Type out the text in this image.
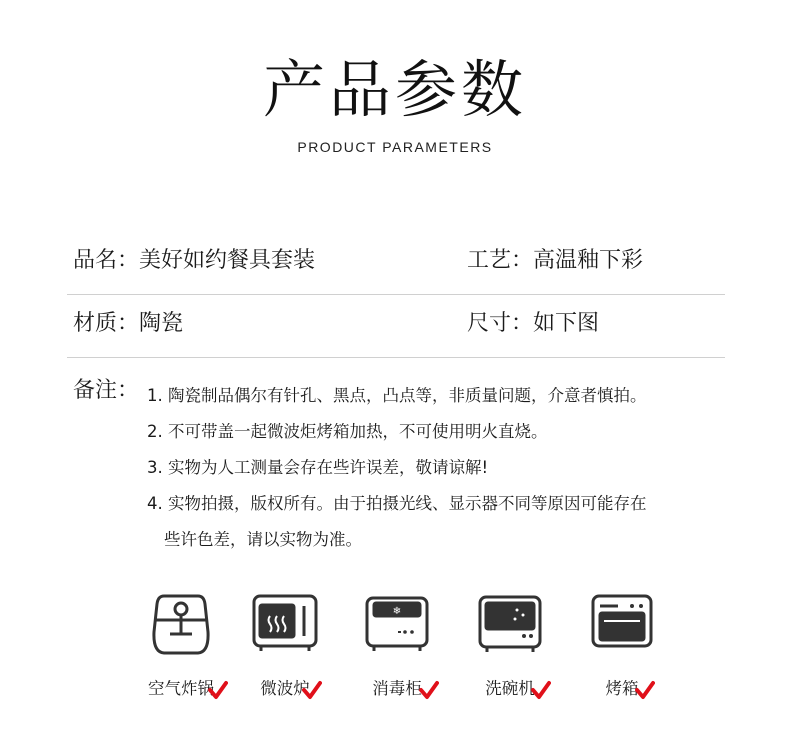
产品参数
PRODUCT PARAMETERS
品名：美好如约餐具套装	工艺：高温釉下彩
材质：陶瓷	尺寸：如下图
备注： 1. 陶瓷制品偶尔有针孔、黑点，凸点等，非质量问题，介意者慎拍。
2. 不可带盖一起微波炬烤箱加热，不可使用明火直烧。
3. 实物为人工测量会存在些许误差，敬请谅解!
4. 实物拍摄，版权所有。由于拍摄光线、显示器不同等原因可能存在
些许色差，请以实物为准。
空气炸锅	微波炉
❄
消毒柜	洗碗机	烤箱
